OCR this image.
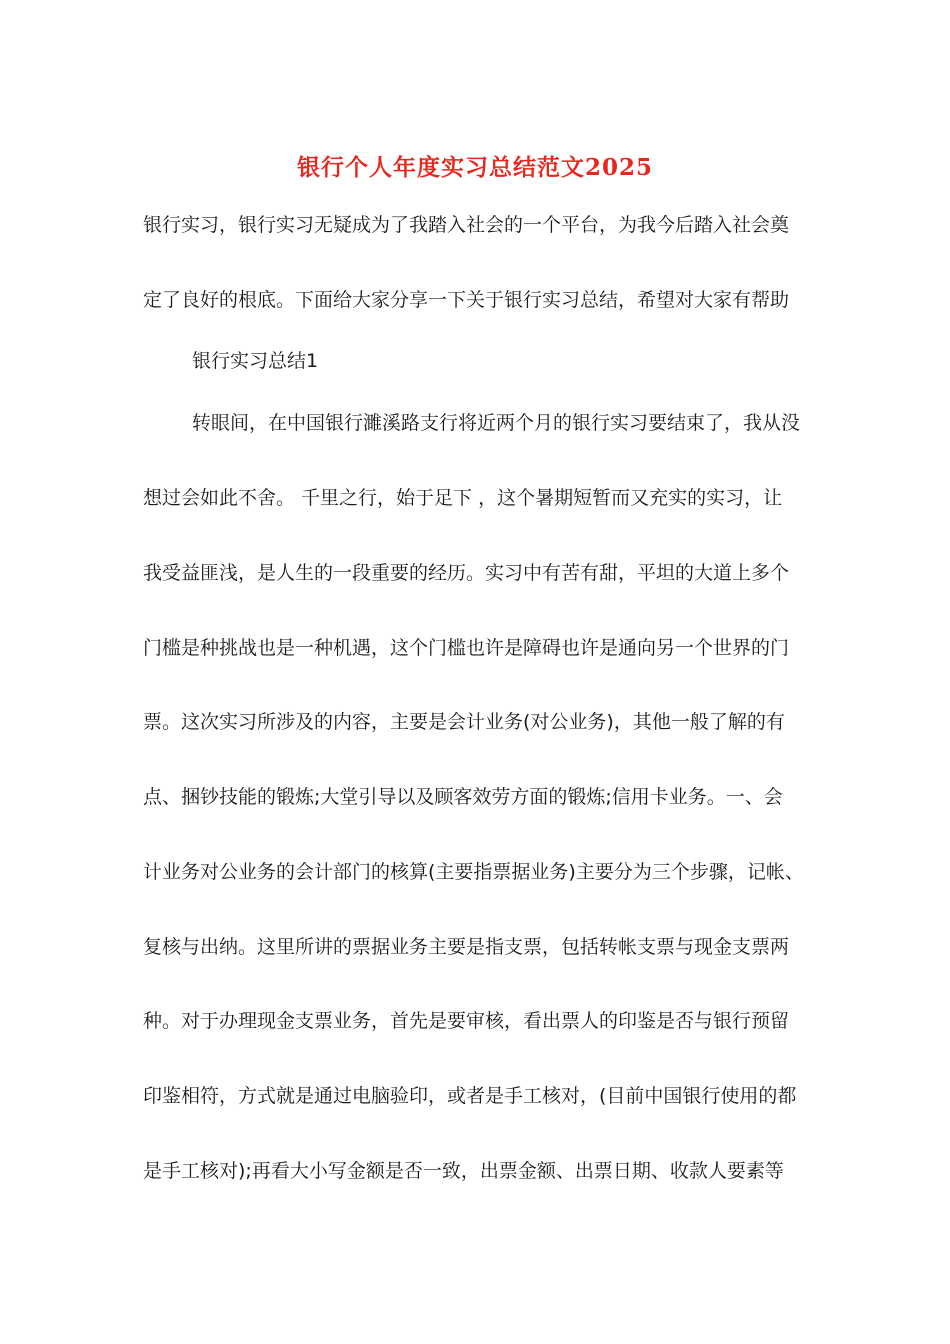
银行个人年度实习总结范文2025
银行实习，银行实习无疑成为了我踏入社会的一个平台，为我今后踏入社会奠
定了良好的根底。下面给大家分享一下关于银行实习总结，希望对大家有帮助
银行实习总结1
转眼间，在中国银行濉溪路支行将近两个月的银行实习要结束了，我从没
想过会如此不舍。 千里之行，始于足下 ，这个暑期短暂而又充实的实习，让
我受益匪浅，是人生的一段重要的经历。实习中有苦有甜，平坦的大道上多个
门槛是种挑战也是一种机遇，这个门槛也许是障碍也许是通向另一个世界的门
票。这次实习所涉及的内容，主要是会计业务(对公业务)，其他一般了解的有
点、捆钞技能的锻炼;大堂引导以及顾客效劳方面的锻炼;信用卡业务。一、会
计业务对公业务的会计部门的核算(主要指票据业务)主要分为三个步骤，记帐、
复核与出纳。这里所讲的票据业务主要是指支票，包括转帐支票与现金支票两
种。对于办理现金支票业务，首先是要审核，看出票人的印鉴是否与银行预留
印鉴相符，方式就是通过电脑验印，或者是手工核对，(目前中国银行使用的都
是手工核对);再看大小写金额是否一致，出票金额、出票日期、收款人要素等
